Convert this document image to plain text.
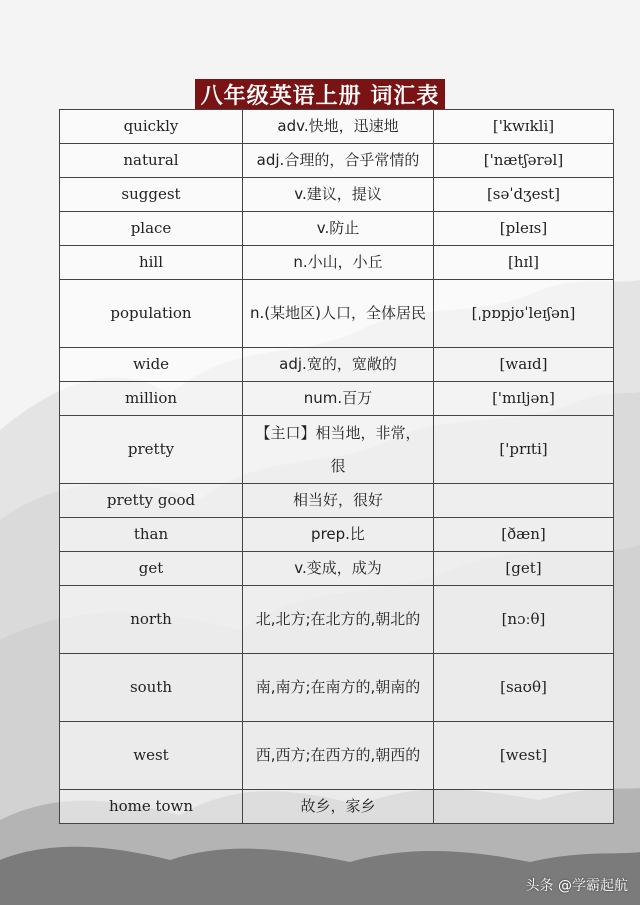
八年级英语上册 词汇表
quickly	adv.快地，迅速地	['kwɪkli]
natural	adj.合理的，合乎常情的	['nætʃərəl]
suggest	v.建议，提议	[səˈdʒest]
place	v.防止	[pleɪs]
hill	n.小山，小丘	[hɪl]
population	n.(某地区)人口，全体居民	[ˌpɒpjʊˈleɪʃən]
wide	adj.宽的，宽敞的	[waɪd]
million	num.百万	['mɪljən]
pretty	【主口】相当地，非常，很	['prɪti]
pretty good	相当好，很好	
than	prep.比	[ðæn]
get	v.变成，成为	[get]
north	北,北方;在北方的,朝北的	[nɔːθ]
south	南,南方;在南方的,朝南的	[saʊθ]
west	西,西方;在西方的,朝西的	[west]
home town	故乡，家乡	
头条 @学霸起航
